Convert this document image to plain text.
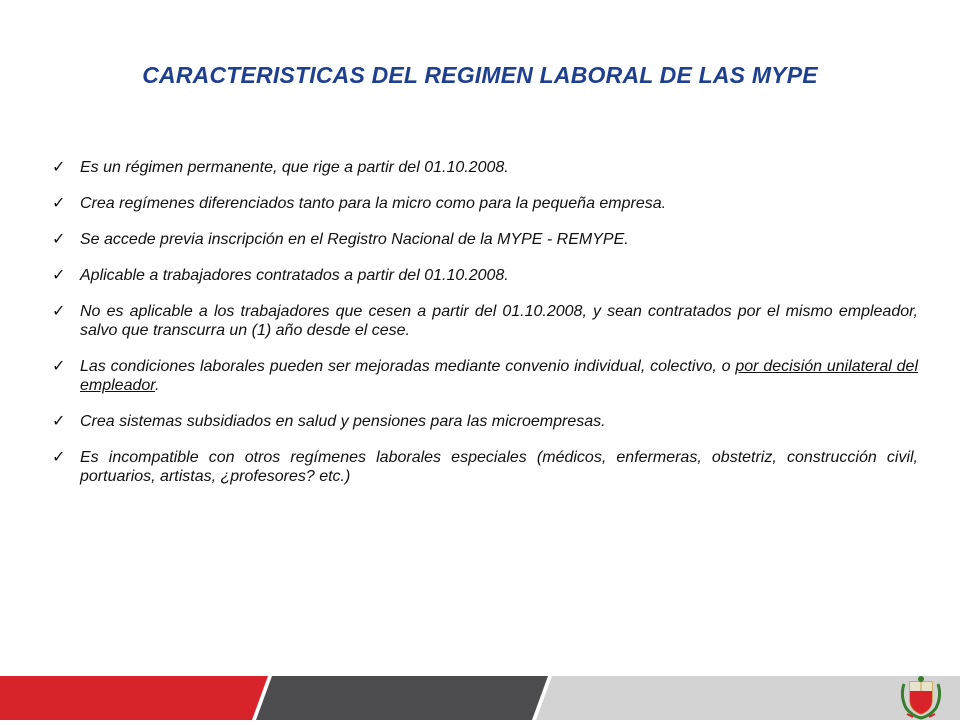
CARACTERISTICAS DEL REGIMEN LABORAL DE LAS MYPE
✓ Es un régimen permanente, que rige a partir del 01.10.2008.
✓ Crea regímenes diferenciados tanto para la micro como para la pequeña empresa.
✓ Se accede previa inscripción en el Registro Nacional de la MYPE - REMYPE.
✓ Aplicable a trabajadores contratados a partir del 01.10.2008.
✓ No es aplicable a los trabajadores que cesen a partir del 01.10.2008, y sean contratados por el mismo empleador, salvo que transcurra un (1) año desde el cese.
✓ Las condiciones laborales pueden ser mejoradas mediante convenio individual, colectivo, o por decisión unilateral del empleador.
✓ Crea sistemas subsidiados en salud y pensiones para las microempresas.
✓ Es incompatible con otros regímenes laborales especiales (médicos, enfermeras, obstetriz, construcción civil, portuarios, artistas, ¿profesores? etc.)
